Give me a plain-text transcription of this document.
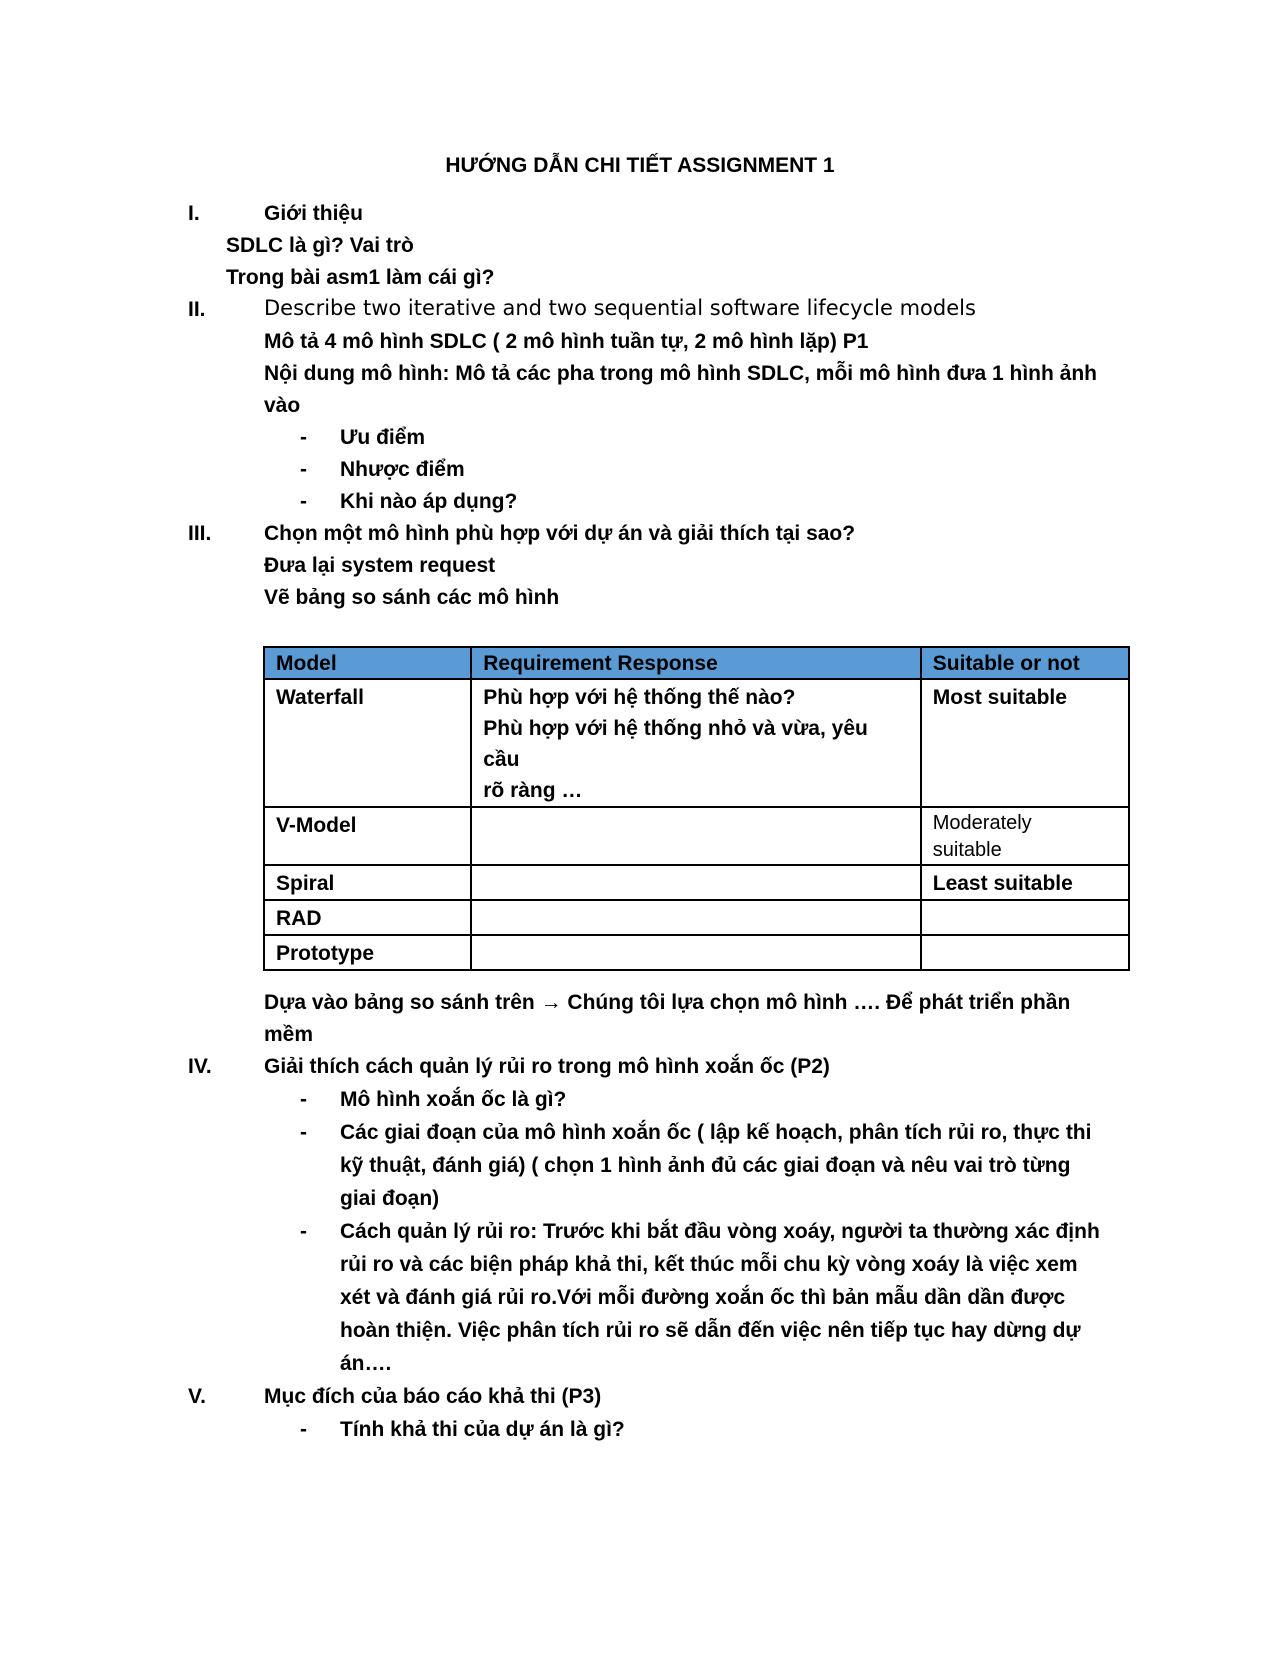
HƯỚNG DẪN CHI TIẾT ASSIGNMENT 1
I.	Giới thiệu
SDLC là gì? Vai trò
Trong bài asm1 làm cái gì?
II.	Describe two iterative and two sequential software lifecycle models
Mô tả 4 mô hình SDLC ( 2 mô hình tuần tự, 2 mô hình lặp) P1
Nội dung mô hình: Mô tả các pha trong mô hình SDLC, mỗi mô hình đưa 1 hình ảnh
vào
- Ưu điểm
- Nhược điểm
- Khi nào áp dụng?
III.	Chọn một mô hình phù hợp với dự án và giải thích tại sao?
Đưa lại system request
Vẽ bảng so sánh các mô hình
Model	Requirement Response	Suitable or not
Waterfall	Phù hợp với hệ thống thế nào?
Phù hợp với hệ thống nhỏ và vừa, yêu cầu
rõ ràng …	Most suitable
V-Model		Moderately
suitable

Spiral		Least suitable
RAD		
Prototype		
Dựa vào bảng so sánh trên → Chúng tôi lựa chọn mô hình …. Để phát triển phần
mềm
IV. Giải thích cách quản lý rủi ro trong mô hình xoắn ốc (P2)
- Mô hình xoắn ốc là gì?
- Các giai đoạn của mô hình xoắn ốc ( lập kế hoạch, phân tích rủi ro, thực thi
kỹ thuật, đánh giá) ( chọn 1 hình ảnh đủ các giai đoạn và nêu vai trò từng
giai đoạn)
- Cách quản lý rủi ro: Trước khi bắt đầu vòng xoáy, người ta thường xác định
rủi ro và các biện pháp khả thi, kết thúc mỗi chu kỳ vòng xoáy là việc xem
xét và đánh giá rủi ro.Với mỗi đường xoắn ốc thì bản mẫu dần dần được
hoàn thiện. Việc phân tích rủi ro sẽ dẫn đến việc nên tiếp tục hay dừng dự
án….
V.	Mục đích của báo cáo khả thi (P3)
- Tính khả thi của dự án là gì?
